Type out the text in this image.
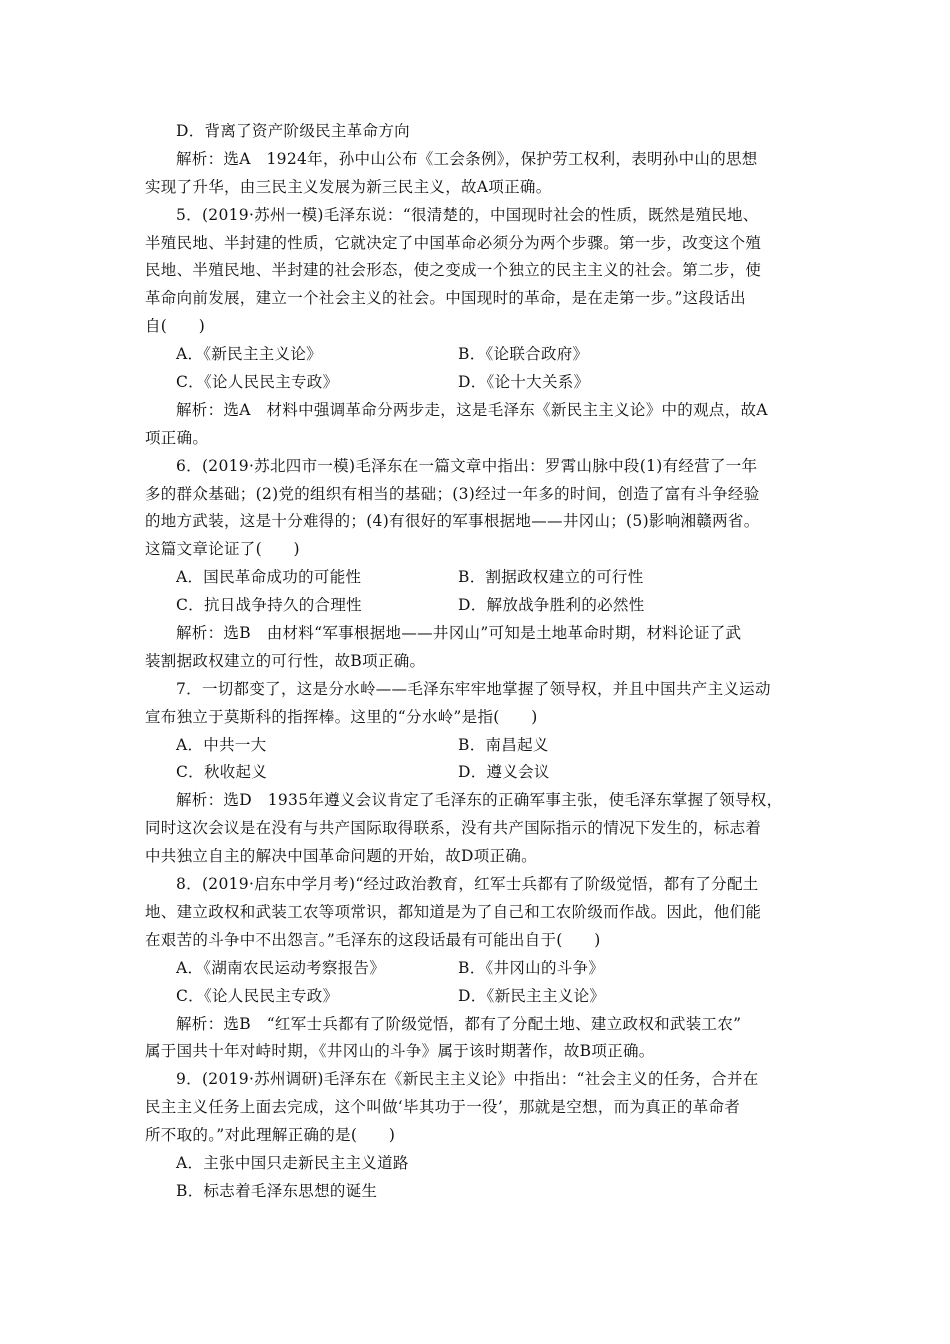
D．背离了资产阶级民主革命方向
解析：选A　1924年，孙中山公布《工会条例》，保护劳工权利，表明孙中山的思想
实现了升华，由三民主义发展为新三民主义，故A项正确。
5．(2019·苏州一模)毛泽东说：“很清楚的，中国现时社会的性质，既然是殖民地、
半殖民地、半封建的性质，它就决定了中国革命必须分为两个步骤。第一步，改变这个殖
民地、半殖民地、半封建的社会形态，使之变成一个独立的民主主义的社会。第二步，使
革命向前发展，建立一个社会主义的社会。中国现时的革命，是在走第一步。”这段话出
自(　　)
A．《新民主主义论》	B．《论联合政府》
C．《论人民民主专政》	D．《论十大关系》
解析：选A　材料中强调革命分两步走，这是毛泽东《新民主主义论》中的观点，故A
项正确。
6．(2019·苏北四市一模)毛泽东在一篇文章中指出：罗霄山脉中段(1)有经营了一年
多的群众基础；(2)党的组织有相当的基础；(3)经过一年多的时间，创造了富有斗争经验
的地方武装，这是十分难得的；(4)有很好的军事根据地——井冈山；(5)影响湘赣两省。
这篇文章论证了(　　)
A．国民革命成功的可能性	B．割据政权建立的可行性
C．抗日战争持久的合理性	D．解放战争胜利的必然性
解析：选B　由材料“军事根据地——井冈山”可知是土地革命时期，材料论证了武
装割据政权建立的可行性，故B项正确。
7．一切都变了，这是分水岭——毛泽东牢牢地掌握了领导权，并且中国共产主义运动
宣布独立于莫斯科的指挥棒。这里的“分水岭”是指(　　)
A．中共一大	B．南昌起义
C．秋收起义	D．遵义会议
解析：选D　1935年遵义会议肯定了毛泽东的正确军事主张，使毛泽东掌握了领导权，
同时这次会议是在没有与共产国际取得联系，没有共产国际指示的情况下发生的，标志着
中共独立自主的解决中国革命问题的开始，故D项正确。
8．(2019·启东中学月考)“经过政治教育，红军士兵都有了阶级觉悟，都有了分配土
地、建立政权和武装工农等项常识，都知道是为了自己和工农阶级而作战。因此，他们能
在艰苦的斗争中不出怨言。”毛泽东的这段话最有可能出自于(　　)
A．《湖南农民运动考察报告》	B．《井冈山的斗争》
C．《论人民民主专政》	D．《新民主主义论》
解析：选B　“红军士兵都有了阶级觉悟，都有了分配土地、建立政权和武装工农”
属于国共十年对峙时期，《井冈山的斗争》属于该时期著作，故B项正确。
9．(2019·苏州调研)毛泽东在《新民主主义论》中指出：“社会主义的任务，合并在
民主主义任务上面去完成，这个叫做‘毕其功于一役’，那就是空想，而为真正的革命者
所不取的。”对此理解正确的是(　　)
A．主张中国只走新民主主义道路
B．标志着毛泽东思想的诞生
